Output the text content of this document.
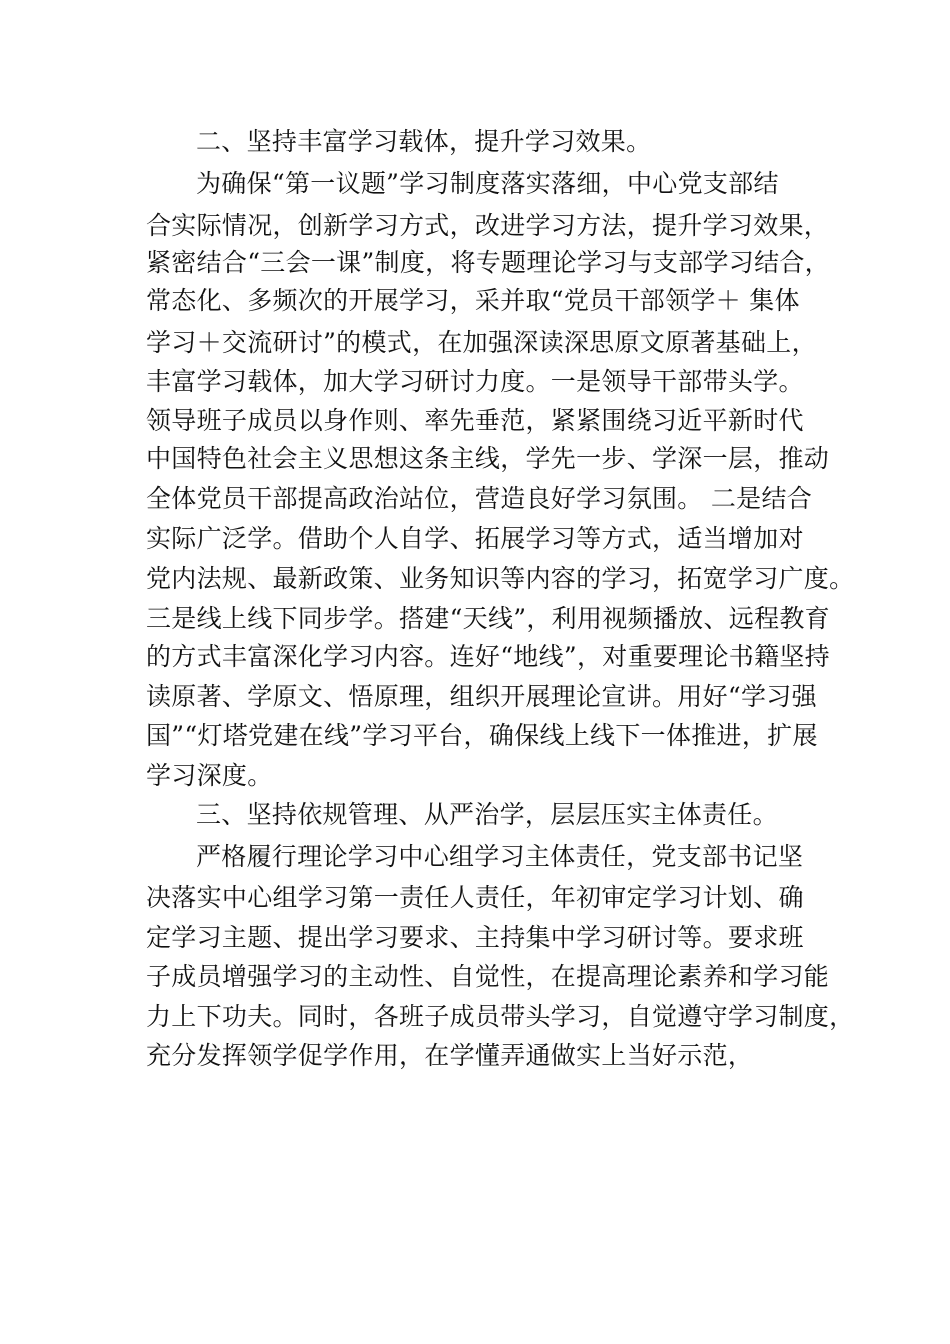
二、坚持丰富学习载体，提升学习效果。
为确保“第一议题”学习制度落实落细，中心党支部结
合实际情况，创新学习方式，改进学习方法，提升学习效果，
紧密结合“三会一课”制度，将专题理论学习与支部学习结合，
常态化、多频次的开展学习，采并取“党员干部领学＋ 集体
学习＋交流研讨”的模式，在加强深读深思原文原著基础上，
丰富学习载体，加大学习研讨力度。一是领导干部带头学。
领导班子成员以身作则、率先垂范，紧紧围绕习近平新时代
中国特色社会主义思想这条主线，学先一步、学深一层，推动
全体党员干部提高政治站位，营造良好学习氛围。 二是结合
实际广泛学。借助个人自学、拓展学习等方式，适当增加对
党内法规、最新政策、业务知识等内容的学习，拓宽学习广度。
三是线上线下同步学。搭建“天线”，利用视频播放、远程教育
的方式丰富深化学习内容。连好“地线”，对重要理论书籍坚持
读原著、学原文、悟原理，组织开展理论宣讲。用好“学习强
国”“灯塔党建在线”学习平台，确保线上线下一体推进，扩展
学习深度。
三、坚持依规管理、从严治学，层层压实主体责任。
严格履行理论学习中心组学习主体责任，党支部书记坚
决落实中心组学习第一责任人责任，年初审定学习计划、确
定学习主题、提出学习要求、主持集中学习研讨等。要求班
子成员增强学习的主动性、自觉性，在提高理论素养和学习能
力上下功夫。同时，各班子成员带头学习，自觉遵守学习制度，
充分发挥领学促学作用，在学懂弄通做实上当好示范，
